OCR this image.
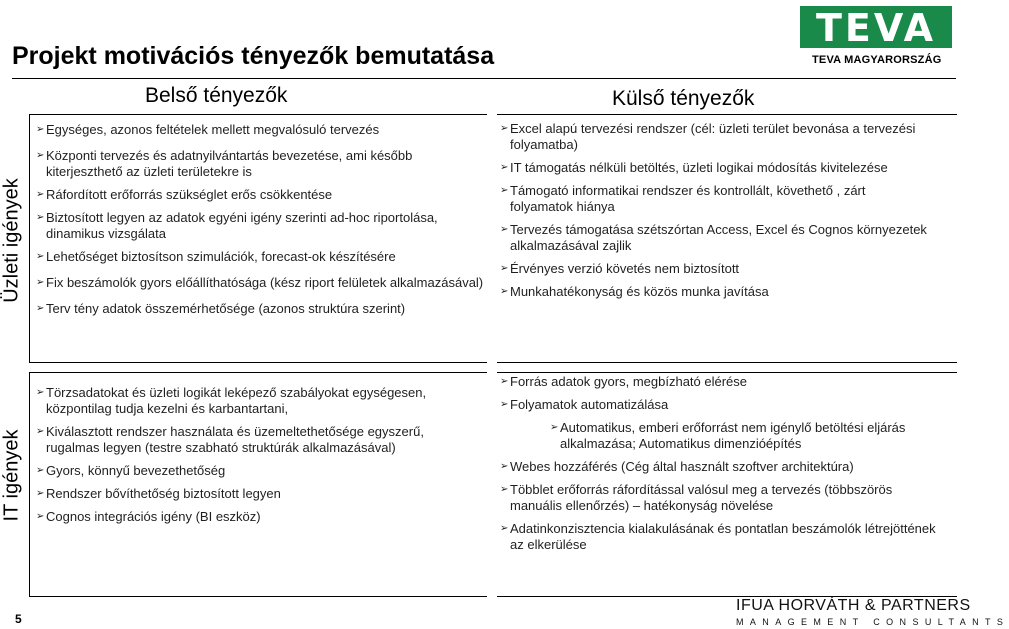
TEVA
TEVA MAGYARORSZÁG
Projekt motivációs tényezők bemutatása
Belső tényezők	Külső tényezők
Üzleti igények
IT igények
➢ Egységes, azonos feltételek mellett megvalósuló tervezés
➢ Központi tervezés és adatnyilvántartás bevezetése, ami később kiterjeszthető az üzleti területekre is
➢ Ráfordított erőforrás szükséglet erős csökkentése
➢ Biztosított legyen az adatok egyéni igény szerinti ad-hoc riportolása, dinamikus vizsgálata
➢ Lehetőséget biztosítson szimulációk, forecast-ok készítésére
➢ Fix beszámolók gyors előállíthatósága (kész riport felületek alkalmazásával)
➢ Terv tény adatok összemérhetősége (azonos struktúra szerint)
➢ Excel alapú tervezési rendszer (cél: üzleti terület bevonása a tervezési folyamatba)
➢ IT támogatás nélküli betöltés, üzleti logikai módosítás kivitelezése
➢ Támogató informatikai rendszer és kontrollált, követhető , zárt folyamatok hiánya
➢ Tervezés támogatása szétszórtan Access, Excel és Cognos környezetek alkalmazásával zajlik
➢ Érvényes verzió követés nem biztosított
➢ Munkahatékonyság és közös munka javítása
➢ Törzsadatokat és üzleti logikát leképező szabályokat egységesen, központilag tudja kezelni és karbantartani,
➢ Kiválasztott rendszer használata és üzemeltethetősége egyszerű, rugalmas legyen (testre szabható struktúrák alkalmazásával)
➢ Gyors, könnyű bevezethetőség
➢ Rendszer bővíthetőség biztosított legyen
➢ Cognos integrációs igény (BI eszköz)
➢ Forrás adatok gyors, megbízható elérése
➢ Folyamatok automatizálása
➢ Automatikus, emberi erőforrást nem igénylő betöltési eljárás alkalmazása; Automatikus dimenzióépítés
➢ Webes hozzáférés (Cég által használt szoftver architektúra)
➢ Többlet erőforrás ráfordítással valósul meg a tervezés (többszörös manuális ellenőrzés) – hatékonyság növelése
➢ Adatinkonzisztencia kialakulásának és pontatlan beszámolók létrejöttének az elkerülése
5
IFUA HORVÁTH & PARTNERS
MANAGEMENT CONSULTANTS
